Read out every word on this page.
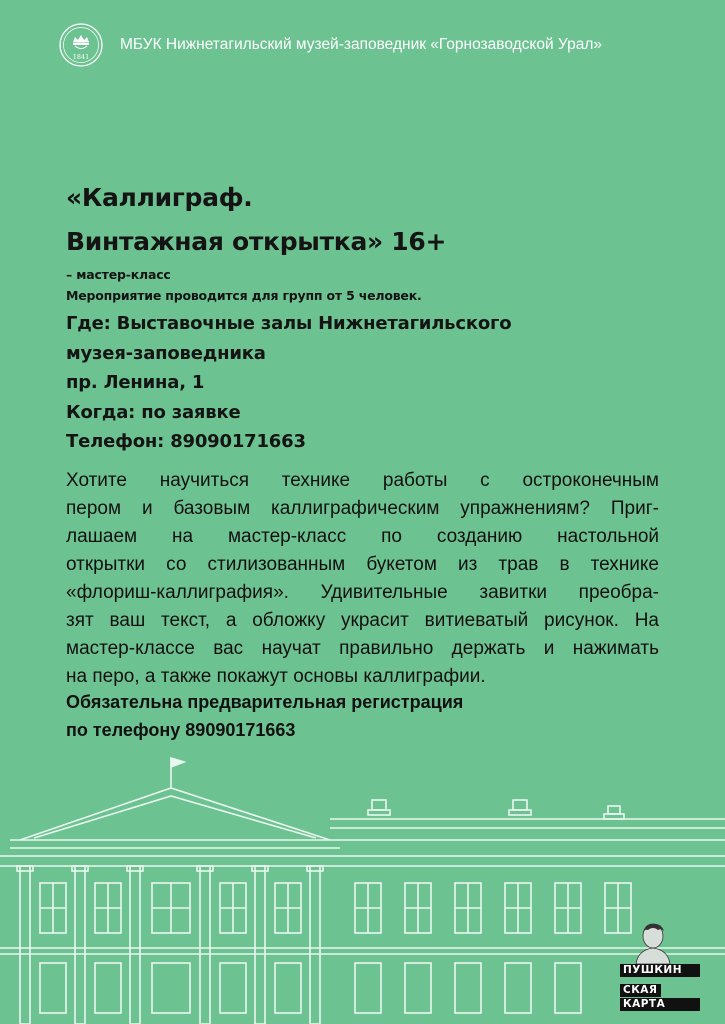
1841
МБУК Нижнетагильский музей-заповедник «Горнозаводской Урал»
«Каллиграф.
Винтажная открытка» 16+
– мастер-класс
Мероприятие проводится для групп от 5 человек.
Где: Выставочные залы Нижнетагильского
музея-заповедника
пр. Ленина, 1
Когда: по заявке
Телефон: 89090171663
Хотите научиться технике работы с остроконечным
пером и базовым каллиграфическим упражнениям? Приг-
лашаем на мастер-класс по созданию настольной
открытки со стилизованным букетом из трав в технике
«флориш-каллиграфия». Удивительные завитки преобра-
зят ваш текст, а обложку украсит витиеватый рисунок. На
мастер-классе вас научат правильно держать и нажимать
на перо, а также покажут основы каллиграфии.
Обязательна предварительная регистрация
по телефону 89090171663
ПУШКИН
СКАЯ
КАРТА
